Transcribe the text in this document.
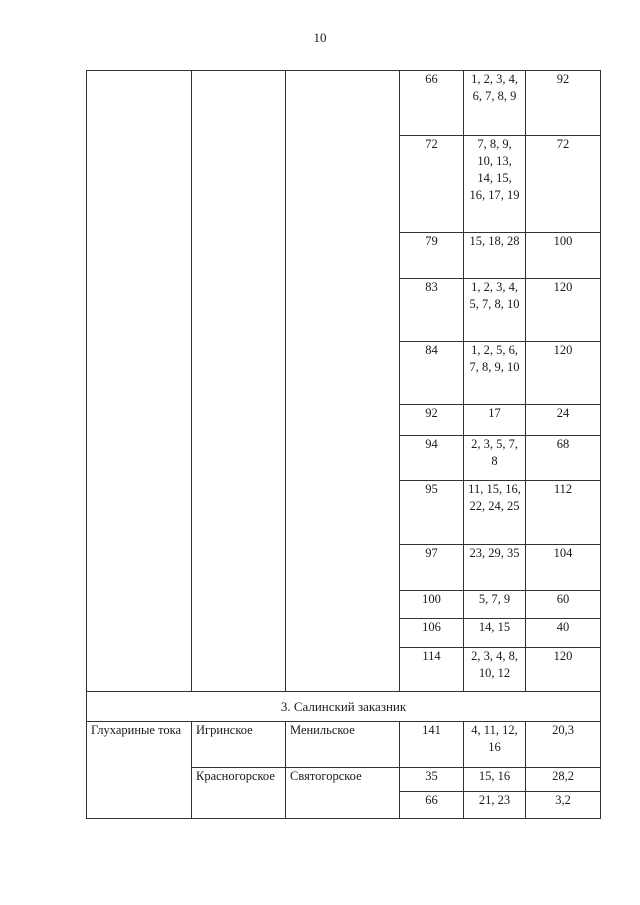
10
			66	1, 2, 3, 4, 6, 7, 8, 9	92
			72	7, 8, 9, 10, 13, 14, 15, 16, 17, 19	72
			79	15, 18, 28	100
			83	1, 2, 3, 4, 5, 7, 8, 10	120
			84	1, 2, 5, 6, 7, 8, 9, 10	120
			92	17	24
			94	2, 3, 5, 7, 8	68
			95	11, 15, 16, 22, 24, 25	112
			97	23, 29, 35	104
			100	5, 7, 9	60
			106	14, 15	40
			114	2, 3, 4, 8, 10, 12	120
3. Салинский заказник					
Глухариные тока	Игринское	Менильское	141	4, 11, 12, 16	20,3
	Красногорское	Святогорское	35	15, 16	28,2
			66	21, 23	3,2
